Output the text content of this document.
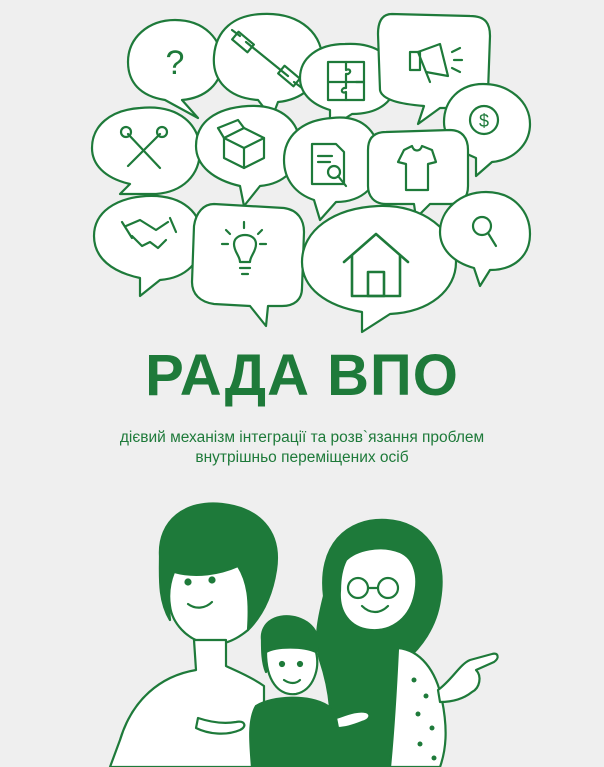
?
$
РАДА ВПО
дієвий механізм інтеграції та розв`язання проблем
внутрішньо переміщених осіб
